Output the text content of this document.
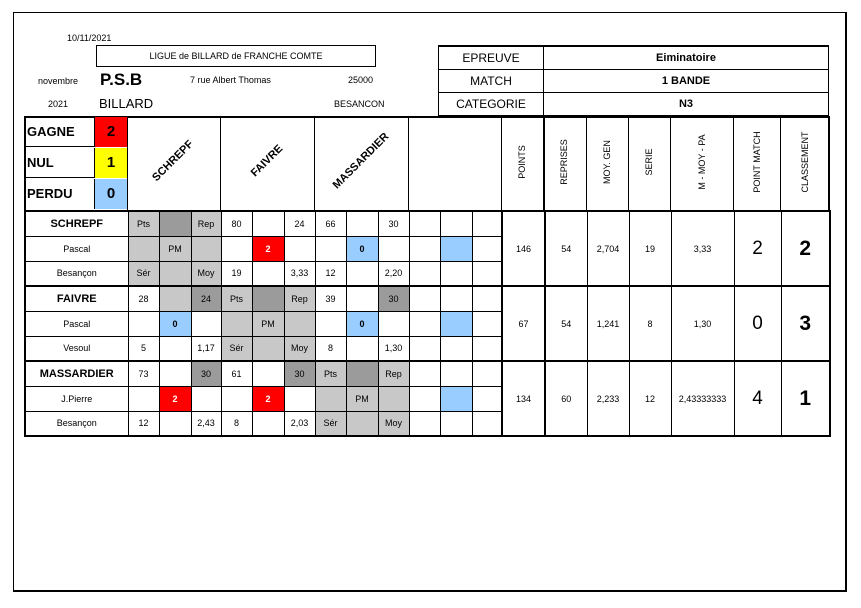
10/11/2021
LIGUE de BILLARD de FRANCHE COMTE
novembre P.S.B	7 rue Albert Thomas	25000
2021 BILLARD	BESANCON
EPREUVE	Eiminatoire
MATCH	1 BANDE
CATEGORIE	N3
GAGNE	2
NUL	1
PERDU	0
SCHREPF	FAIVRE	MASSARDIER	POINTS	REPRISES	MOY. GEN	SERIE	M - MOY - PA	POINT MATCH	CLASSEMENT
SCHREPF	Pts		Rep	80		24	66		30				146	54	2,704	19	3,33	2	2
Pascal		PM			2			0											
Besançon	Sér		Moy	19		3,33	12		2,20										
FAIVRE	28		24	Pts		Rep	39		30				67	54	1,241	8	1,30	0	3
Pascal		0			PM			0											
Vesoul	5		1,17	Sér		Moy	8		1,30										
MASSARDIER	73		30	61		30	Pts		Rep				134	60	2,233	12	2,43333333	4	1
J.Pierre		2			2			PM											
Besançon	12		2,43	8		2,03	Sér		Moy										
